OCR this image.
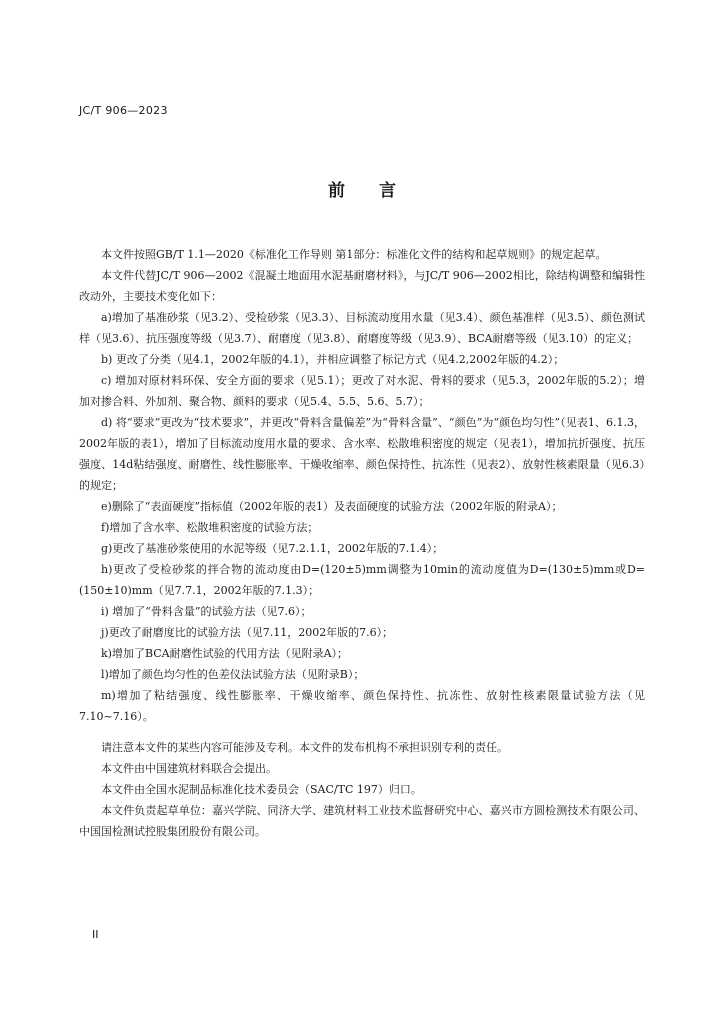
JC/T 906—2023
前 言

本文件按照GB/T 1.1—2020《标准化工作导则 第1部分：标准化文件的结构和起草规则》的规定起草。

本文件代替JC/T 906—2002《混凝土地面用水泥基耐磨材料》，与JC/T 906—2002相比，除结构调整和编辑性改动外，主要技术变化如下：

a)增加了基准砂浆（见3.2）、受检砂浆（见3.3）、目标流动度用水量（见3.4）、颜色基准样（见3.5）、颜色测试样（见3.6）、抗压强度等级（见3.7）、耐磨度（见3.8）、耐磨度等级（见3.9）、BCA耐磨等级（见3.10）的定义；

b) 更改了分类（见4.1，2002年版的4.1），并相应调整了标记方式（见4.2,2002年版的4.2）；

c) 增加对原材料环保、安全方面的要求（见5.1）；更改了对水泥、骨料的要求（见5.3，2002年版的5.2）；增加对掺合料、外加剂、聚合物、颜料的要求（见5.4、5.5、5.6、5.7）；

d) 将“要求”更改为“技术要求”，并更改“骨料含量偏差”为“骨料含量”、“颜色”为“颜色均匀性”（见表1、6.1.3，2002年版的表1），增加了目标流动度用水量的要求、含水率、松散堆积密度的规定（见表1），增加抗折强度、抗压强度、14d粘结强度、耐磨性、线性膨胀率、干燥收缩率、颜色保持性、抗冻性（见表2）、放射性核素限量（见6.3）的规定；

e)删除了“表面硬度”指标值（2002年版的表1）及表面硬度的试验方法（2002年版的附录A）；

f)增加了含水率、松散堆积密度的试验方法；

g)更改了基准砂浆使用的水泥等级（见7.2.1.1，2002年版的7.1.4）；

h)更改了受检砂浆的拌合物的流动度由D=(120±5)mm调整为10min的流动度值为D=(130±5)mm或D=(150±10)mm（见7.7.1，2002年版的7.1.3）；

i) 增加了“骨料含量”的试验方法（见7.6）；

j)更改了耐磨度比的试验方法（见7.11，2002年版的7.6）；

k)增加了BCA耐磨性试验的代用方法（见附录A）；

l)增加了颜色均匀性的色差仪法试验方法（见附录B）；

m)增加了粘结强度、线性膨胀率、干燥收缩率、颜色保持性、抗冻性、放射性核素限量试验方法（见7.10~7.16）。

请注意本文件的某些内容可能涉及专利。本文件的发布机构不承担识别专利的责任。

本文件由中国建筑材料联合会提出。

本文件由全国水泥制品标准化技术委员会（SAC/TC 197）归口。

本文件负责起草单位：嘉兴学院、同济大学、建筑材料工业技术监督研究中心、嘉兴市方圆检测技术有限公司、中国国检测试控股集团股份有限公司。

II
